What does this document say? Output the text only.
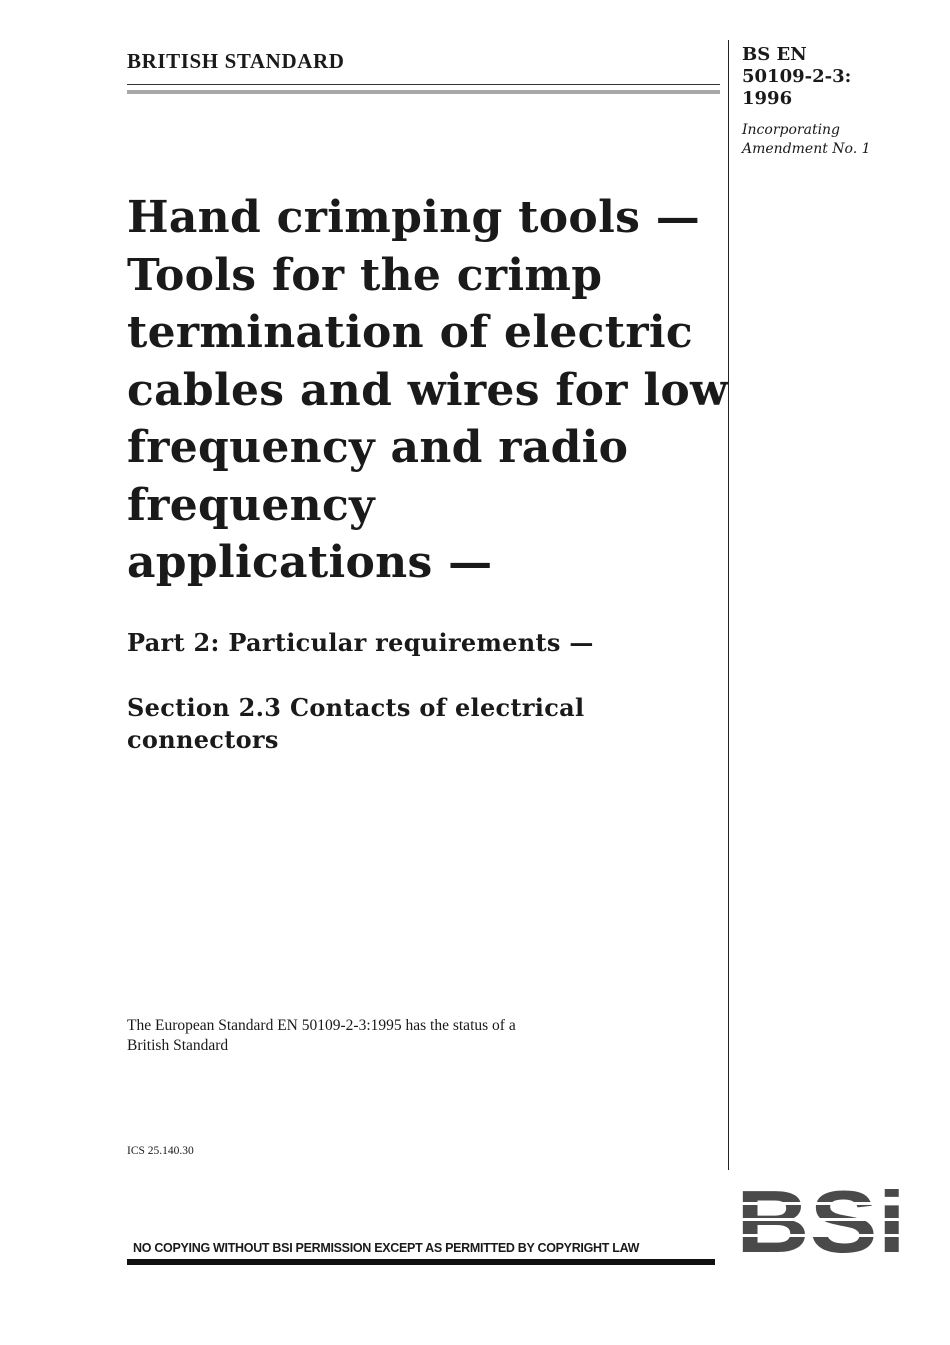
BRITISH STANDARD	BS EN
50109-2-3:
1996
Incorporating
Amendment No. 1
Hand crimping tools —
Tools for the crimp
termination of electric
cables and wires for low
frequency and radio
frequency
applications —
Part 2: Particular requirements —
Section 2.3 Contacts of electrical
connectors
The European Standard EN 50109-2-3:1995 has the status of a
British Standard
ICS 25.140.30
NO COPYING WITHOUT BSI PERMISSION EXCEPT AS PERMITTED BY COPYRIGHT LAW
